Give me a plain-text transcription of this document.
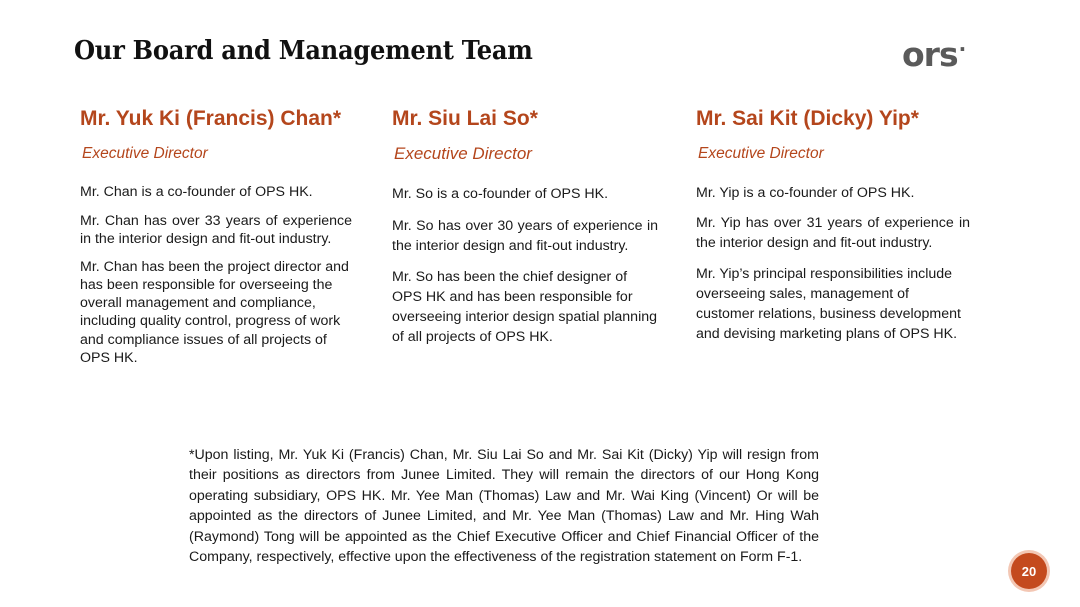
Our Board and Management Team	ors·

Mr. Yuk Ki (Francis) Chan*

Executive Director

Mr. Chan is a co-founder of OPS HK.

Mr. Chan has over 33 years of experience in the interior design and fit-out industry.

Mr. Chan has been the project director and has been responsible for overseeing the overall management and compliance, including quality control, progress of work and compliance issues of all projects of OPS HK.

Mr. Siu Lai So*

Executive Director

Mr. So is a co-founder of OPS HK.

Mr. So has over 30 years of experience in the interior design and fit-out industry.

Mr. So has been the chief designer of OPS HK and has been responsible for overseeing interior design spatial planning of all projects of OPS HK.

Mr. Sai Kit (Dicky) Yip*

Executive Director

Mr. Yip is a co-founder of OPS HK.

Mr. Yip has over 31 years of experience in the interior design and fit-out industry.

Mr. Yip’s principal responsibilities include overseeing sales, management of customer relations, business development and devising marketing plans of OPS HK.

*Upon listing, Mr. Yuk Ki (Francis) Chan, Mr. Siu Lai So and Mr. Sai Kit (Dicky) Yip will resign from their positions as directors from Junee Limited. They will remain the directors of our Hong Kong operating subsidiary, OPS HK. Mr. Yee Man (Thomas) Law and Mr. Wai King (Vincent) Or will be appointed as the directors of Junee Limited, and Mr. Yee Man (Thomas) Law and Mr. Hing Wah (Raymond) Tong will be appointed as the Chief Executive Officer and Chief Financial Officer of the Company, respectively, effective upon the effectiveness of the registration statement on Form F-1.
20
